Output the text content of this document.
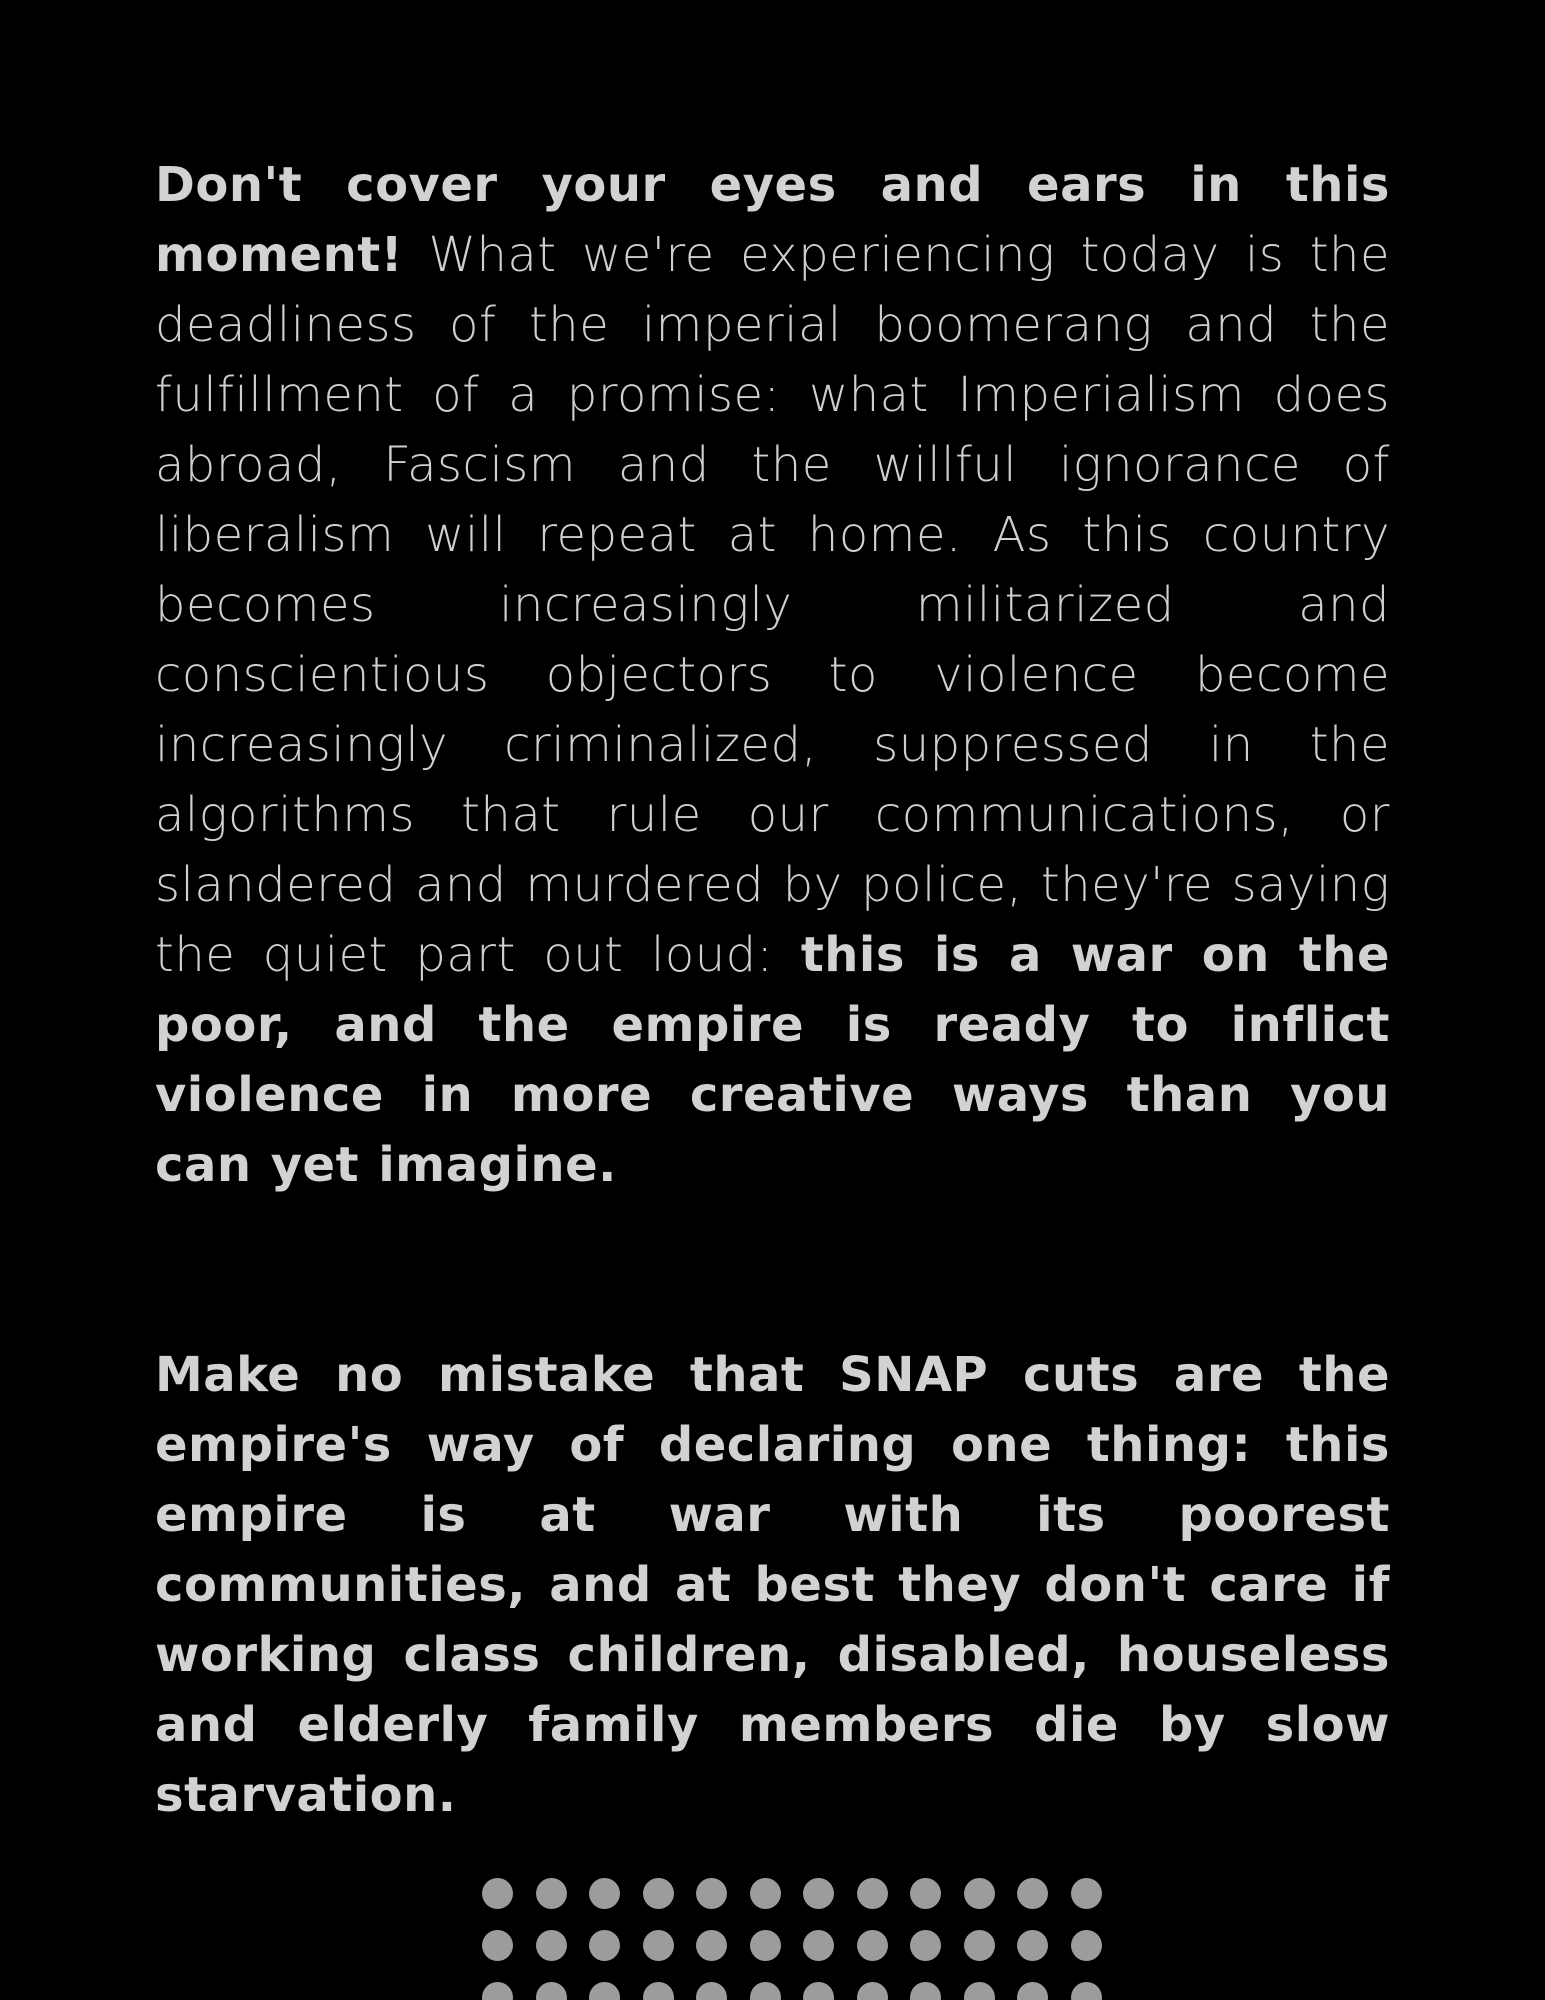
Don't cover your eyes and ears in this moment! What we're experiencing today is the deadliness of the imperial boomerang and the fulfillment of a promise: what Imperialism does abroad, Fascism and the willful ignorance of liberalism will repeat at home. As this country becomes increasingly militarized and conscientious objectors to violence become increasingly criminalized, suppressed in the algorithms that rule our communications, or slandered and murdered by police, they're saying the quiet part out loud: this is a war on the poor, and the empire is ready to inflict violence in more creative ways than you can yet imagine.

Make no mistake that SNAP cuts are the empire's way of declaring one thing: this empire is at war with its poorest communities, and at best they don't care if working class children, disabled, houseless and elderly family members die by slow starvation.
